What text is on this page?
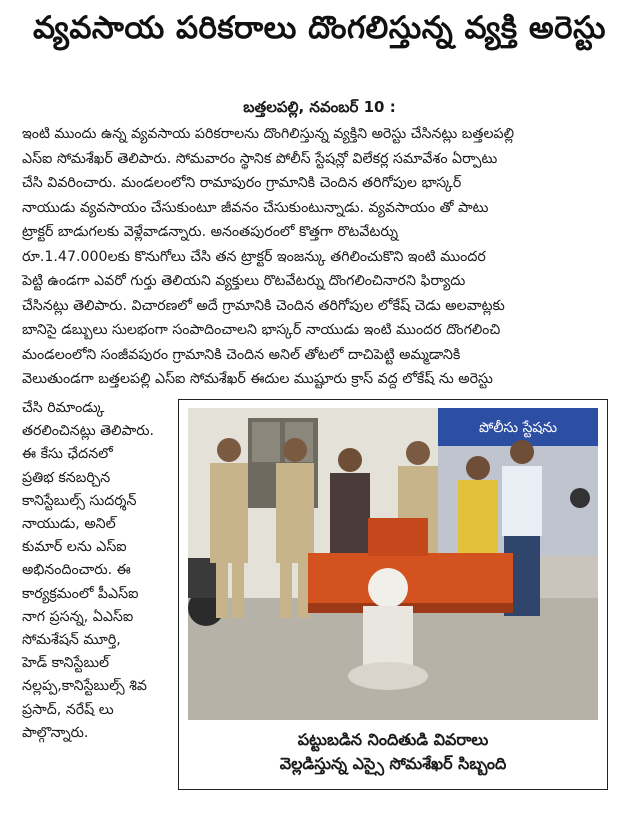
వ్యవసాయ పరికరాలు దొంగలిస్తున్న వ్యక్తి అరెస్టు
బత్తలపల్లి, నవంబర్ 10 :
ఇంటి ముందు ఉన్న వ్యవసాయ పరికరాలను దొంగిలిస్తున్న వ్యక్తిని అరెస్టు చేసినట్లు బత్తలపల్లి
ఎస్ఐ సోమశేఖర్ తెలిపారు. సోమవారం స్థానిక పోలీస్ స్టేషన్లో విలేకర్ల సమావేశం ఏర్పాటు
చేసి వివరించారు. మండలంలోని రామాపురం గ్రామానికి చెందిన తరిగోపుల భాస్కర్
నాయుడు వ్యవసాయం చేసుకుంటూ జీవనం చేసుకుంటున్నాడు. వ్యవసాయం తో పాటు
ట్రాక్టర్ బాడుగలకు వెళ్లేవాడన్నారు. అనంతపురంలో కొత్తగా రొటవేటర్ను
రూ.1.47.000లకు కొనుగోలు చేసి తన ట్రాక్టర్ ఇంజన్కు తగిలించుకొని ఇంటి ముందర
పెట్టి ఉండగా ఎవరో గుర్తు తెలియని వ్యక్తులు రొటవేటర్ను దొంగలించినారని ఫిర్యాదు
చేసినట్లు తెలిపారు. విచారణలో అదే గ్రామానికి చెందిన తరిగోపుల లోకేష్ చెడు అలవాట్లకు
బానిసై డబ్బులు సులభంగా సంపాదించాలని భాస్కర్ నాయుడు ఇంటి ముందర దొంగలించి
మండలంలోని సంజీవపురం గ్రామానికి చెందిన అనిల్ తోటలో దాచిపెట్టి అమ్మడానికి
వెలుతుండగా బత్తలపల్లి ఎస్ఐ సోమశేఖర్ ఈదుల ముష్టూరు క్రాస్ వద్ద లోకేష్ ను అరెస్టు
చేసి రిమాండ్కు
తరలించినట్లు తెలిపారు.
ఈ కేసు ఛేదనలో
ప్రతిభ కనబర్చిన
కానిస్టేబుల్స్ సుదర్శన్
నాయుడు, అనిల్
కుమార్ లను ఎస్ఐ
అభినందించారు. ఈ
కార్యక్రమంలో పీఎస్ఐ
నాగ ప్రసన్న, ఏఎస్ఐ
సోమశేషన్ మూర్తి,
హెడ్ కానిస్టేబుల్
నల్లప్ప,కానిస్టేబుల్స్ శివ
ప్రసాద్, నరేష్ లు
పాల్గొన్నారు.
పోలీసు స్టేషను
పట్టుబడిన నిందితుడి వివరాలు
వెల్లడిస్తున్న ఎస్సై సోమశేఖర్ సిబ్బంది
